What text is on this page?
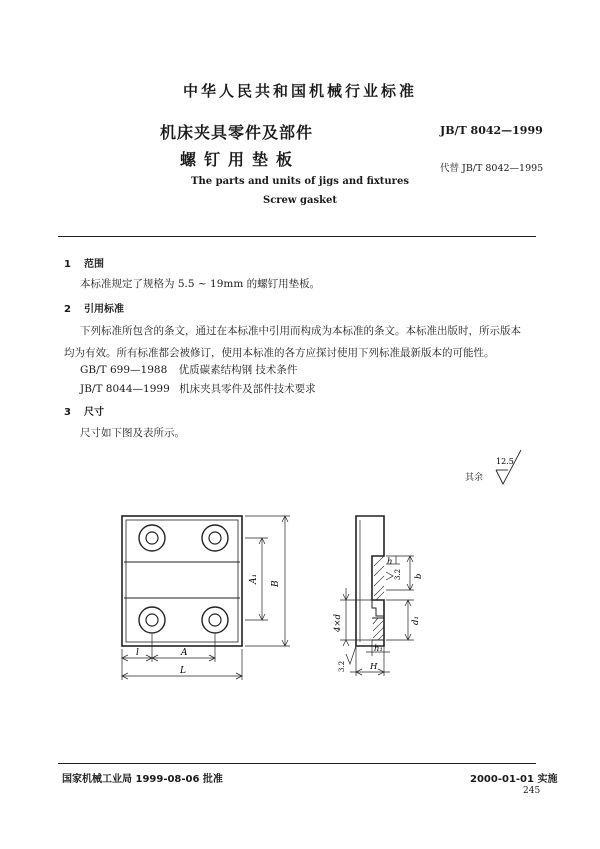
中华人民共和国机械行业标准
机床夹具零件及部件
螺钉用垫板
JB/T 8042—1999
代替 JB/T 8042—1995
The parts and units of jigs and fixtures
Screw gasket
1 范围
本标准规定了规格为 5.5 ~ 19mm 的螺钉用垫板。
2 引用标准
下列标准所包含的条文，通过在本标准中引用而构成为本标准的条文。本标准出版时，所示版本
均为有效。所有标准都会被修订，使用本标准的各方应探讨使用下列标准最新版本的可能性。
GB/T 699—1988 优质碳素结构钢 技术条件
JB/T 8044—1999 机床夹具零件及部件技术要求
3 尺寸
尺寸如下图及表所示。
其余
12.5
A₁ B
l	A
L
h
b
3.2
d₁
h₁
H
4×d
3.2
国家机械工业局 1999-08-06 批准	2000-01-01 实施
245
